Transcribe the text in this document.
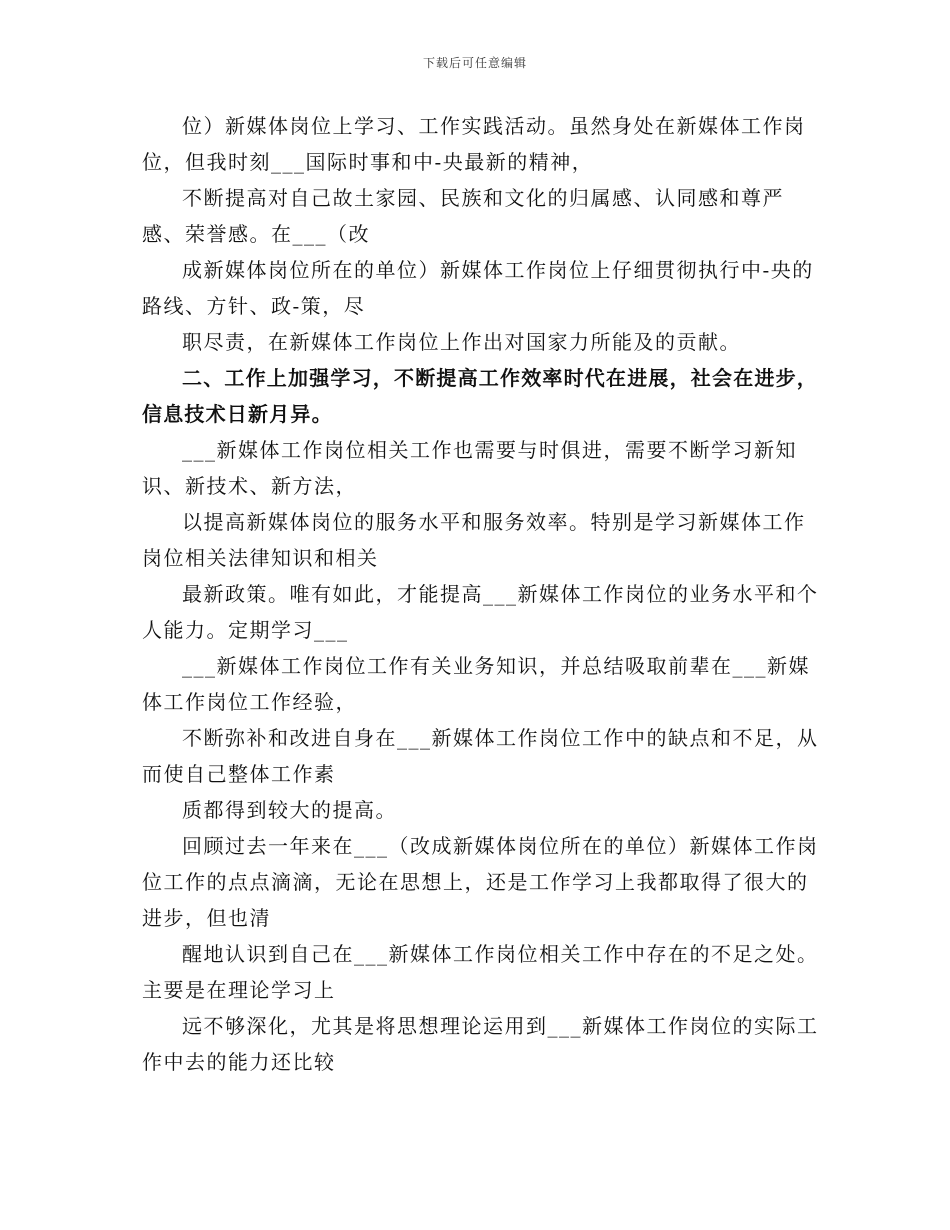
下载后可任意编辑

位）新媒体岗位上学习、工作实践活动。虽然身处在新媒体工作岗位，但我时刻___国际时事和中-央最新的精神，

不断提高对自己故土家园、民族和文化的归属感、认同感和尊严感、荣誉感。在___（改

成新媒体岗位所在的单位）新媒体工作岗位上仔细贯彻执行中-央的路线、方针、政-策，尽

职尽责，在新媒体工作岗位上作出对国家力所能及的贡献。

二、工作上加强学习，不断提高工作效率时代在进展，社会在进步，信息技术日新月异。

___新媒体工作岗位相关工作也需要与时俱进，需要不断学习新知识、新技术、新方法，

以提高新媒体岗位的服务水平和服务效率。特别是学习新媒体工作岗位相关法律知识和相关

最新政策。唯有如此，才能提高___新媒体工作岗位的业务水平和个人能力。定期学习___

___新媒体工作岗位工作有关业务知识，并总结吸取前辈在___新媒体工作岗位工作经验，

不断弥补和改进自身在___新媒体工作岗位工作中的缺点和不足，从而使自己整体工作素

质都得到较大的提高。

回顾过去一年来在___（改成新媒体岗位所在的单位）新媒体工作岗位工作的点点滴滴，无论在思想上，还是工作学习上我都取得了很大的进步，但也清

醒地认识到自己在___新媒体工作岗位相关工作中存在的不足之处。主要是在理论学习上

远不够深化，尤其是将思想理论运用到___新媒体工作岗位的实际工作中去的能力还比较
